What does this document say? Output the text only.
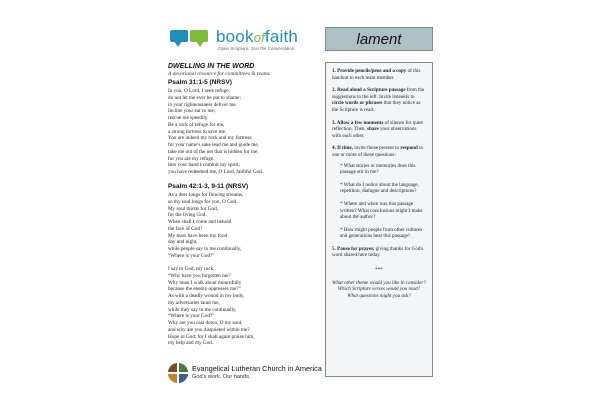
bookoffaith
Open Scripture. Join the Conversation.
lament
DWELLING IN THE WORD
A devotional resource for committees & teams
Psalm 31:1-5 (NRSV)
In you, O Lord, I seek refuge;
do not let me ever be put to shame;
in your righteousness deliver me.
Incline your ear to me;
rescue me speedily.
Be a rock of refuge for me,
a strong fortress to save me.
You are indeed my rock and my fortress;
for your name's sake lead me and guide me,
take me out of the net that is hidden for me,
for you are my refuge.
Into your hand I commit my spirit;
you have redeemed me, O Lord, faithful God.
Psalm 42:1-3, 9-11 (NRSV)
As a deer longs for flowing streams,
so my soul longs for you, O God.
My soul thirsts for God,
for the living God.
When shall I come and behold
the face of God?
My tears have been my food
day and night,
while people say to me continually,
“Where is your God?”
I say to God, my rock,
“Why have you forgotten me?
Why must I walk about mournfully
because the enemy oppresses me?”
As with a deadly wound in my body,
my adversaries taunt me,
while they say to me continually,
“Where is your God?”
Why are you cast down, O my soul,
and why are you disquieted within me?
Hope in God; for I shall again praise him,
my help and my God.
1. Provide pencils/pens and a copy of this handout to each team member.
2. Read aloud a Scripture passage from the suggestions to the left. Invite listeners to circle words or phrases that they notice as the Scripture is read.
3. Allow a few moments of silence for quiet reflection. Then, share your observations with each other.
4. If time, invite those present to respond to one or more of these questions:
* What stories or memories does this passage stir in me?
* What do I notice about the language, repetition, dialogue and descriptions?
* Where and when was this passage written? What conclusions might I make about the author?
* How might people from other cultures and generations hear this passage?
5. Pause for prayer, giving thanks for God's word shared here today.
***
What other theme would you like to consider? Which Scripture verses would you read? What questions might you ask?
Evangelical Lutheran Church in America
God's work. Our hands.
